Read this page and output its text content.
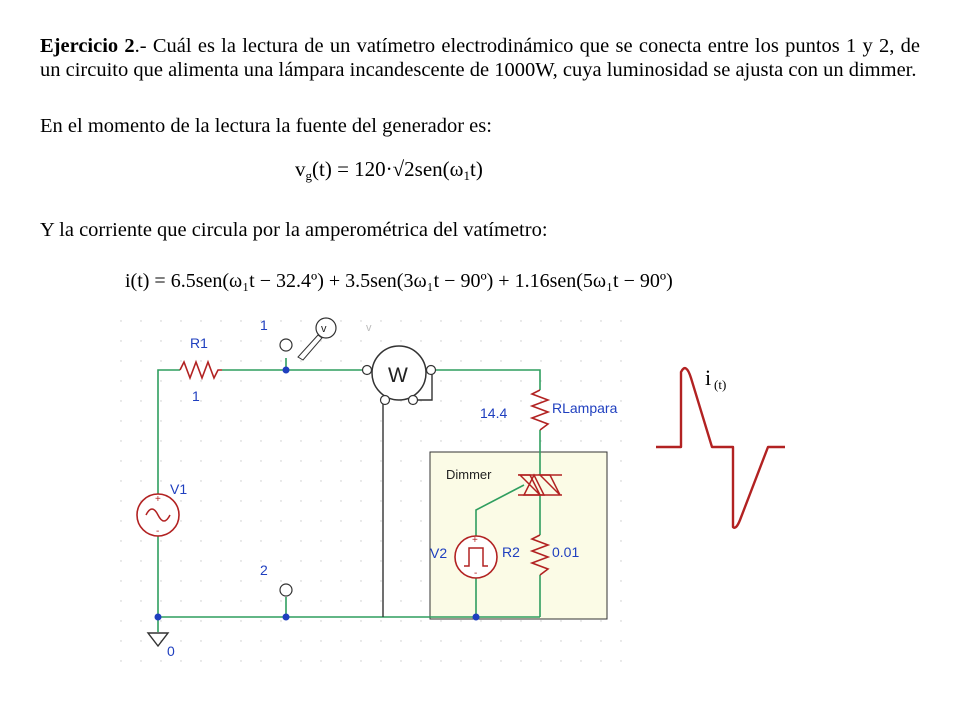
Ejercicio 2.- Cuál es la lectura de un vatímetro electrodinámico que se conecta entre los puntos 1 y 2, de un circuito que alimenta una lámpara incandescente de 1000W, cuya luminosidad se ajusta con un dimmer.
En el momento de la lectura la fuente del generador es:
$v_g(t) = 120\cdot√2sen(\omega_1t)$
Y la corriente que circula por la amperométrica del vatímetro:
i(t) = 6.5sen(ω₁t − 32.4º) + 3.5sen(3ω₁t − 90º) + 1.16sen(5ω₁t − 90º)
Dimmer
R1
1
14.4	RLampara
R2 0.01
+
-
V1
+
-
V2
W
v	v
1
2
0
i (t)
